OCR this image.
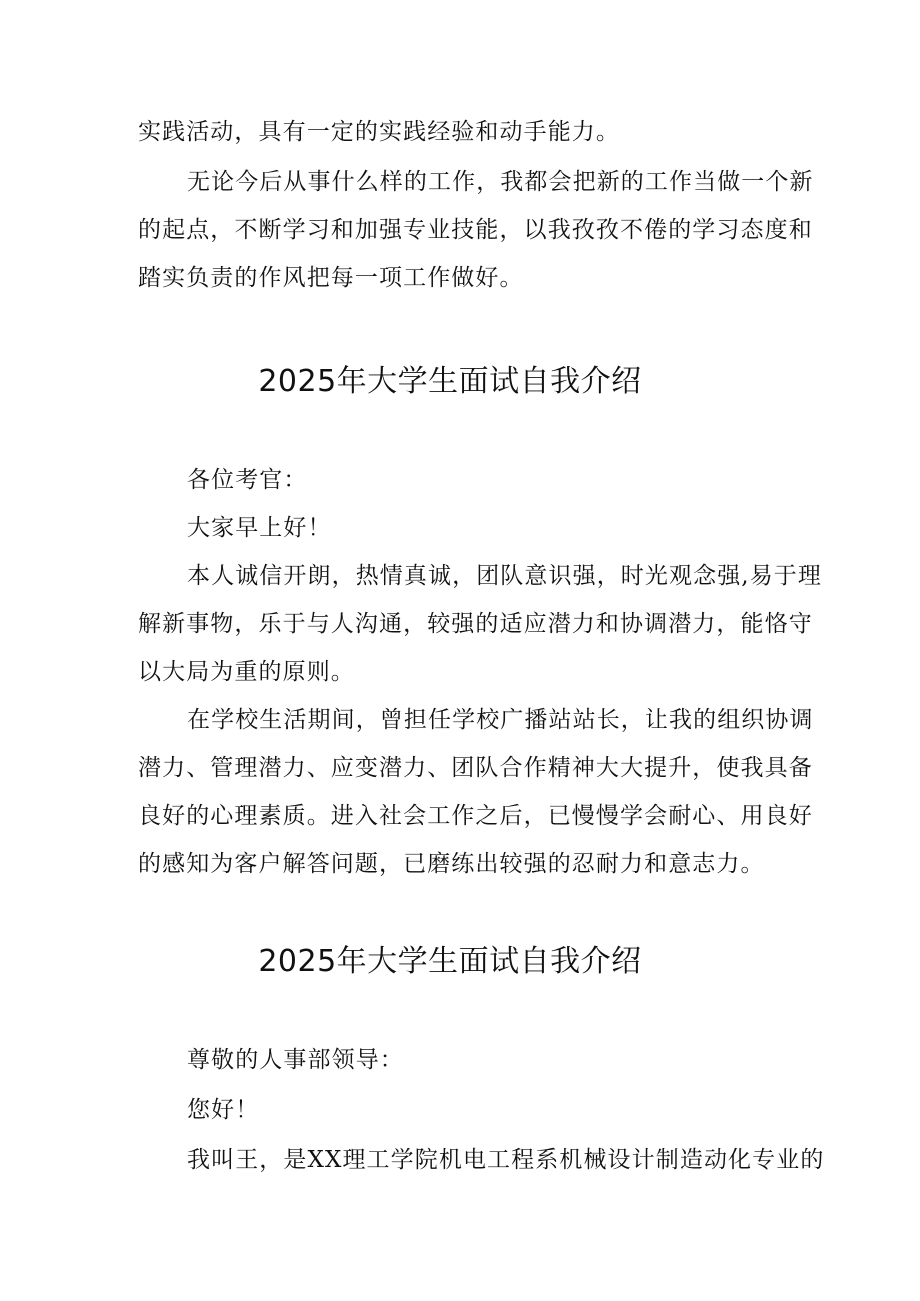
实践活动，具有一定的实践经验和动手能力。
无论今后从事什么样的工作，我都会把新的工作当做一个新
的起点，不断学习和加强专业技能，以我孜孜不倦的学习态度和
踏实负责的作风把每一项工作做好。
2025年大学生面试自我介绍
各位考官：
大家早上好！
本人诚信开朗，热情真诚，团队意识强，时光观念强,易于理
解新事物，乐于与人沟通，较强的适应潜力和协调潜力，能恪守
以大局为重的原则。
在学校生活期间，曾担任学校广播站站长，让我的组织协调
潜力、管理潜力、应变潜力、团队合作精神大大提升，使我具备
良好的心理素质。进入社会工作之后，已慢慢学会耐心、用良好
的感知为客户解答问题，已磨练出较强的忍耐力和意志力。
2025年大学生面试自我介绍
尊敬的人事部领导：
您好！
我叫王，是XX理工学院机电工程系机械设计制造动化专业的
